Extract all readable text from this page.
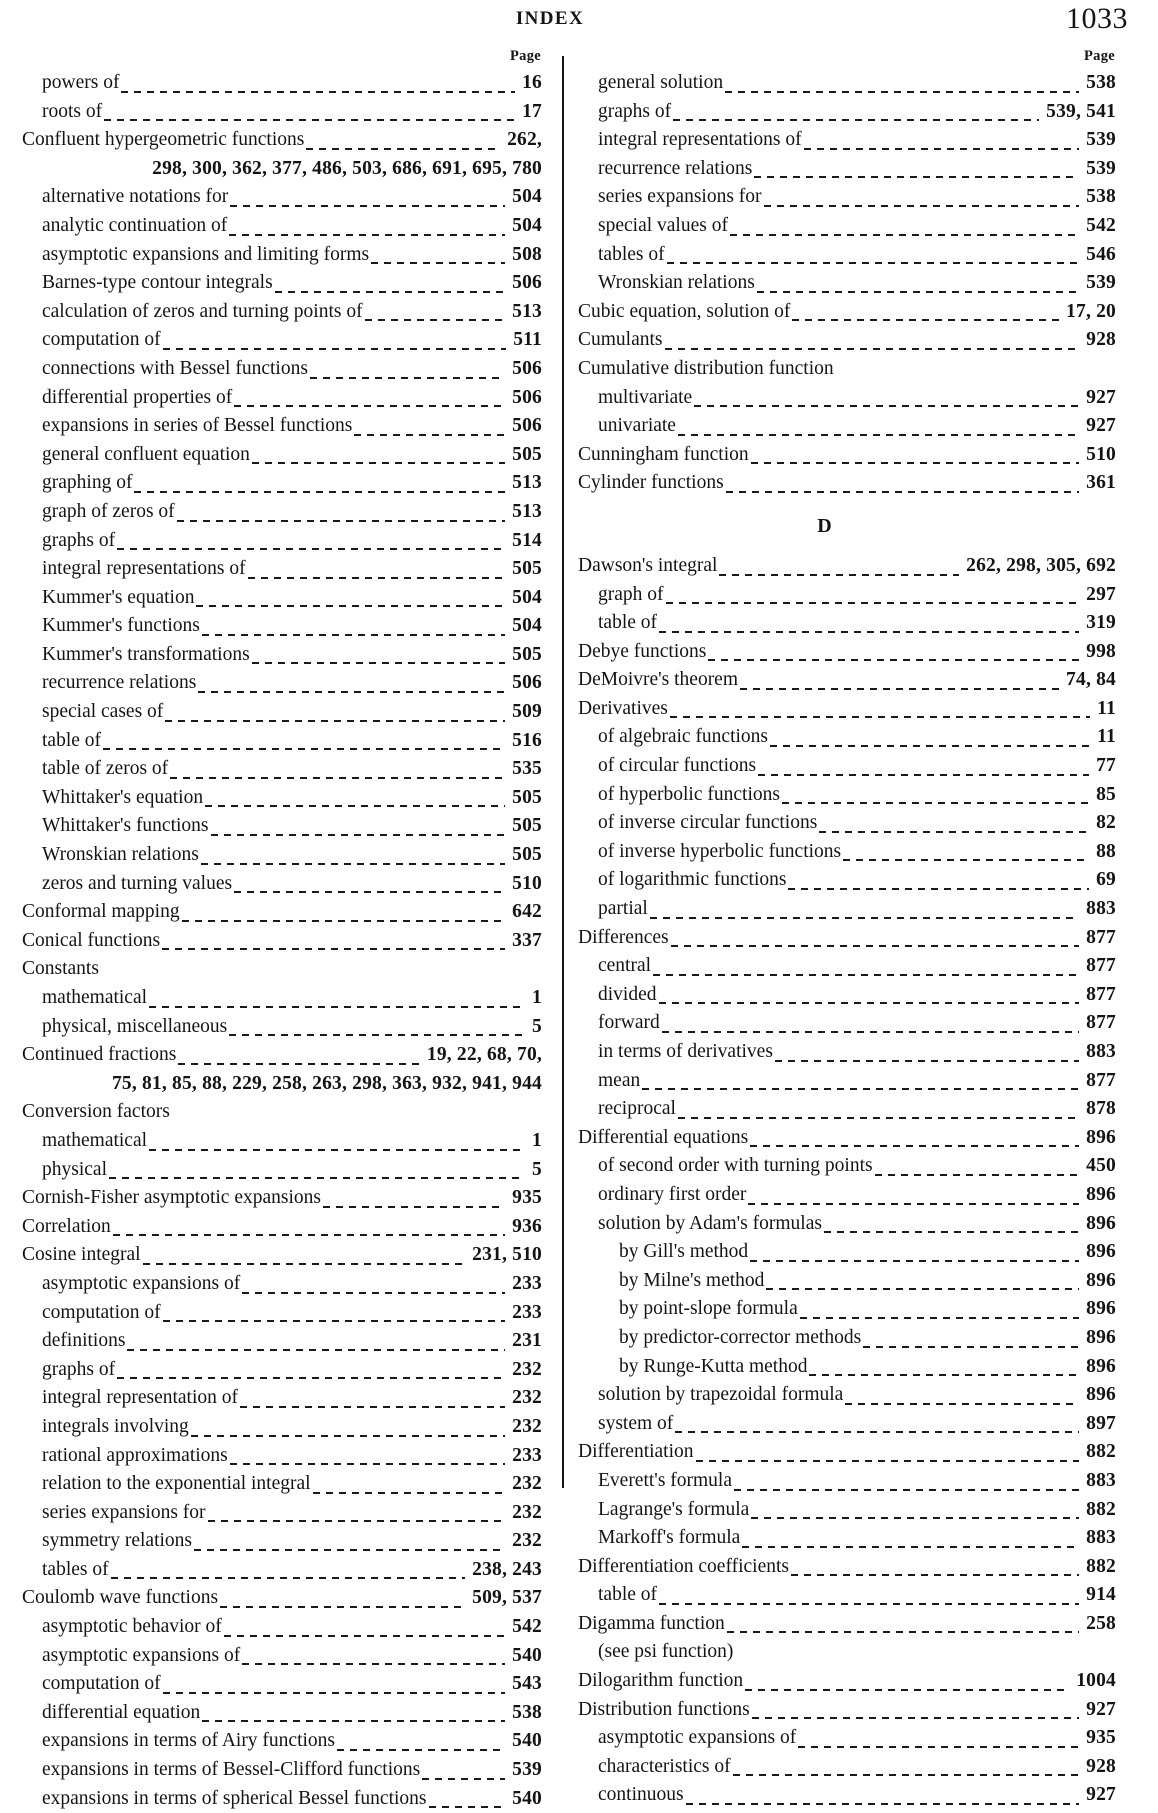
INDEX	1033
Page
powers of	16
roots of	17
Confluent hypergeometric functions	262,
298, 300, 362, 377, 486, 503, 686, 691, 695, 780
alternative notations for	504
analytic continuation of	504
asymptotic expansions and limiting forms	508
Barnes-type contour integrals	506
calculation of zeros and turning points of	513
computation of	511
connections with Bessel functions	506
differential properties of	506
expansions in series of Bessel functions	506
general confluent equation	505
graphing of	513
graph of zeros of	513
graphs of	514
integral representations of	505
Kummer's equation	504
Kummer's functions	504
Kummer's transformations	505
recurrence relations	506
special cases of	509
table of	516
table of zeros of	535
Whittaker's equation	505
Whittaker's functions	505
Wronskian relations	505
zeros and turning values	510
Conformal mapping	642
Conical functions	337
Constants
mathematical	1
physical, miscellaneous	5
Continued fractions	19, 22, 68, 70,
75, 81, 85, 88, 229, 258, 263, 298, 363, 932, 941, 944
Conversion factors
mathematical	1
physical	5
Cornish-Fisher asymptotic expansions	935
Correlation	936
Cosine integral	231, 510
asymptotic expansions of	233
computation of	233
definitions	231
graphs of	232
integral representation of	232
integrals involving	232
rational approximations	233
relation to the exponential integral	232
series expansions for	232
symmetry relations	232
tables of	238, 243
Coulomb wave functions	509, 537
asymptotic behavior of	542
asymptotic expansions of	540
computation of	543
differential equation	538
expansions in terms of Airy functions	540
expansions in terms of Bessel-Clifford functions	539
expansions in terms of spherical Bessel functions	540
Page
general solution	538
graphs of	539, 541
integral representations of	539
recurrence relations	539
series expansions for	538
special values of	542
tables of	546
Wronskian relations	539
Cubic equation, solution of	17, 20
Cumulants	928
Cumulative distribution function
multivariate	927
univariate	927
Cunningham function	510
Cylinder functions	361
D
Dawson's integral	262, 298, 305, 692
graph of	297
table of	319
Debye functions	998
DeMoivre's theorem	74, 84
Derivatives	11
of algebraic functions	11
of circular functions	77
of hyperbolic functions	85
of inverse circular functions	82
of inverse hyperbolic functions	88
of logarithmic functions	69
partial	883
Differences	877
central	877
divided	877
forward	877
in terms of derivatives	883
mean	877
reciprocal	878
Differential equations	896
of second order with turning points	450
ordinary first order	896
solution by Adam's formulas	896
by Gill's method	896
by Milne's method	896
by point-slope formula	896
by predictor-corrector methods	896
by Runge-Kutta method	896
solution by trapezoidal formula	896
system of	897
Differentiation	882
Everett's formula	883
Lagrange's formula	882
Markoff's formula	883
Differentiation coefficients	882
table of	914
Digamma function	258
(see psi function)
Dilogarithm function	1004
Distribution functions	927
asymptotic expansions of	935
characteristics of	928
continuous	927
